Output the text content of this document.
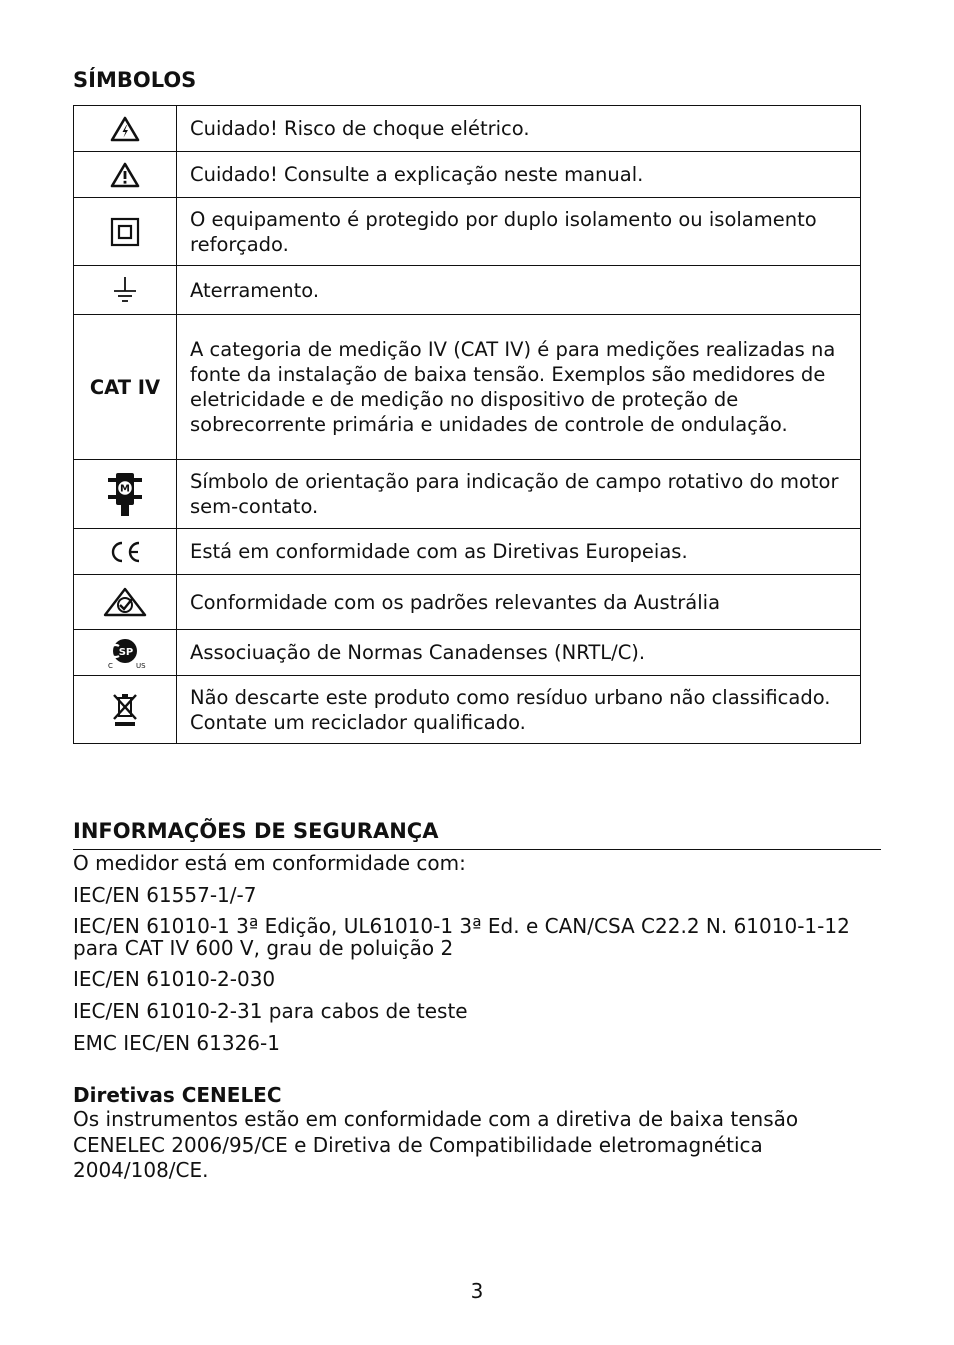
SÍMBOLOS
	Cuidado! Risco de choque elétrico.

	Cuidado! Consulte a explicação neste manual.

	O equipamento é protegido por duplo isolamento ou isolamento reforçado.

	Aterramento.
CAT IV	A categoria de medição IV (CAT IV) é para medições realizadas na fonte da instalação de baixa tensão. Exemplos são medidores de eletricidade e de medição no dispositivo de proteção de sobrecorrente primária e unidades de controle de ondulação.

M	Símbolo de orientação para indicação de campo rotativo do motor sem-contato.

	Está em conformidade com as Diretivas Europeias.

	Conformidade com os padrões relevantes da Austrália

SP
C US	Associuação de Normas Canadenses (NRTL/C).

	Não descarte este produto como resíduo urbano não classificado. Contate um reciclador qualificado.
INFORMAÇÕES DE SEGURANÇA

O medidor está em conformidade com:

IEC/EN 61557-1/-7

IEC/EN 61010-1 3ª Edição, UL61010-1 3ª Ed. e CAN/CSA C22.2 N. 61010-1-12 para CAT IV 600 V, grau de poluição 2

IEC/EN 61010-2-030

IEC/EN 61010-2-31 para cabos de teste

EMC IEC/EN 61326-1

Diretivas CENELEC

Os instrumentos estão em conformidade com a diretiva de baixa tensão CENELEC 2006/95/CE e Diretiva de Compatibilidade eletromagnética 2004/108/CE.

3
